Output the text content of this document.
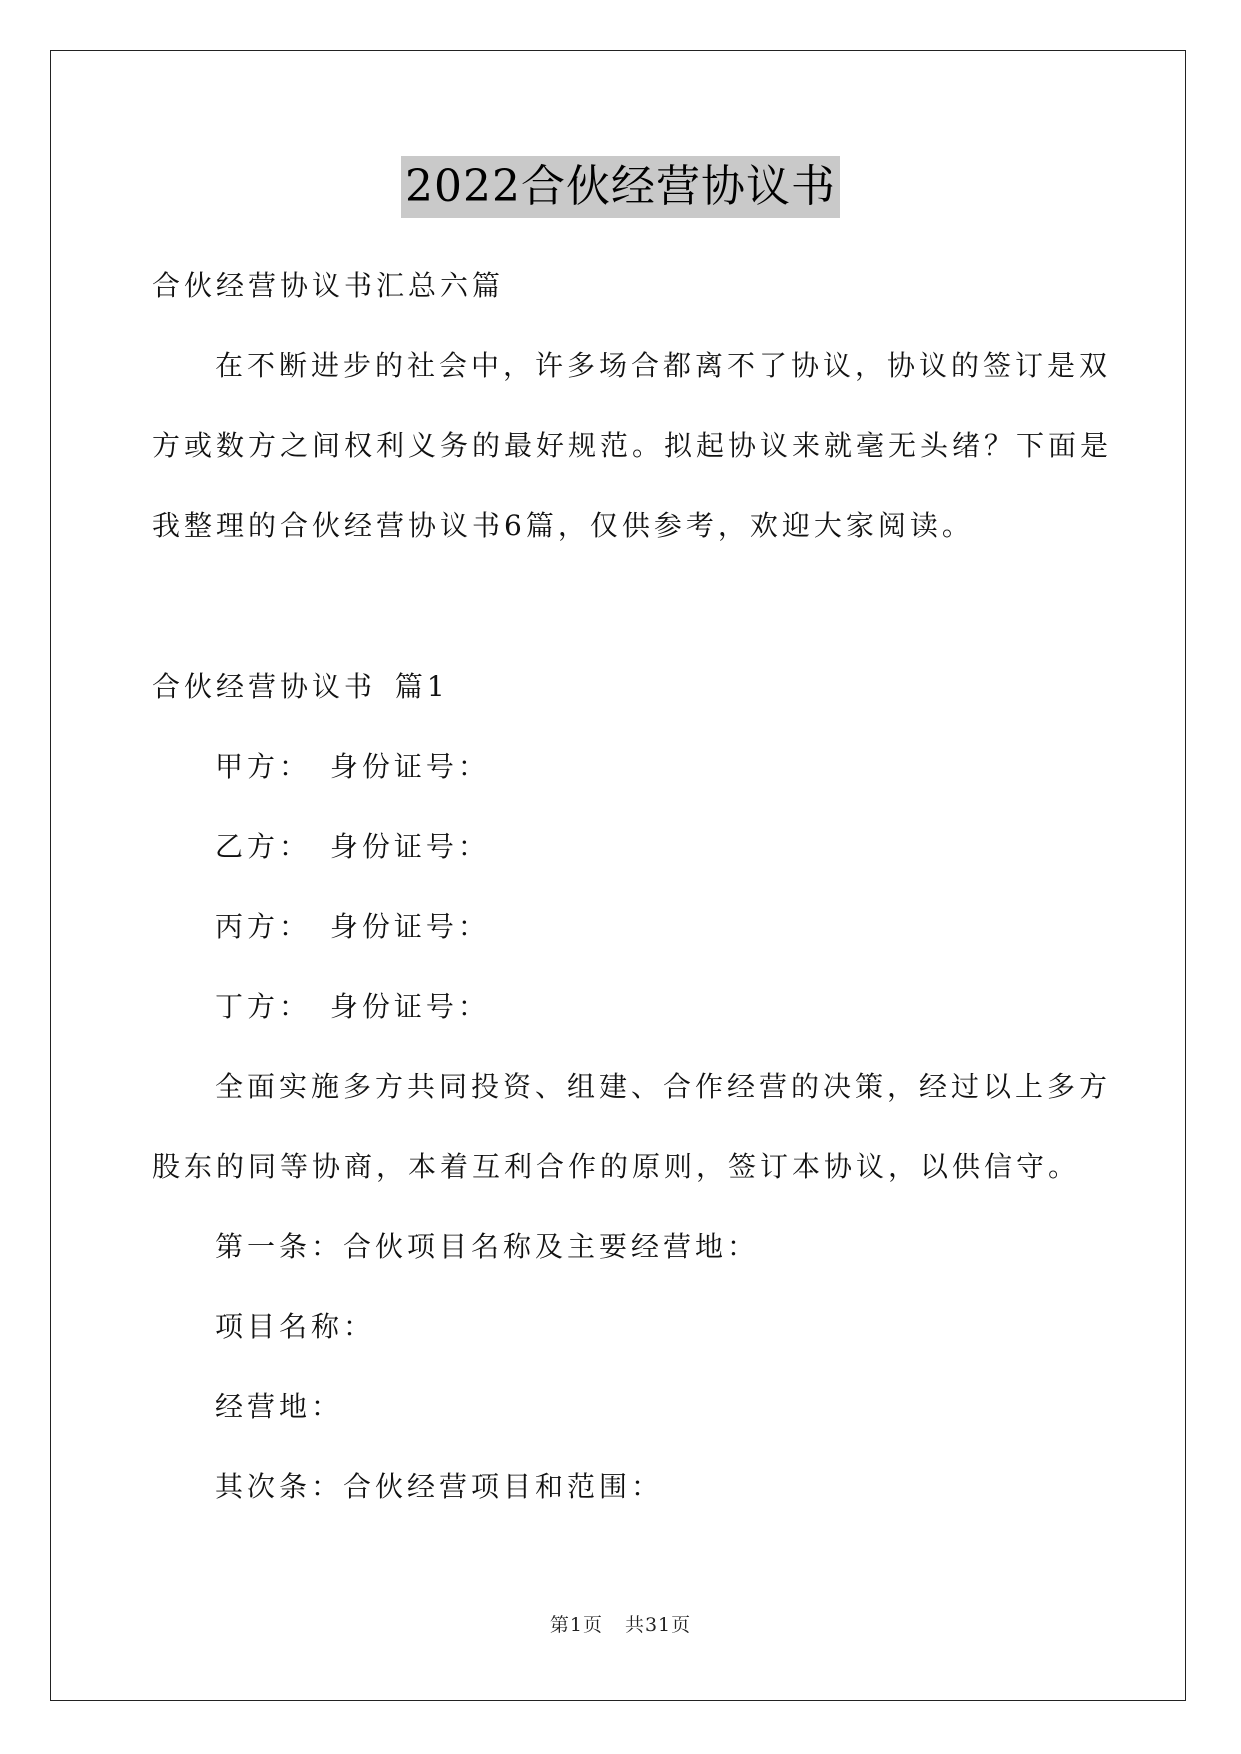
2022合伙经营协议书
合伙经营协议书汇总六篇
在不断进步的社会中，许多场合都离不了协议，协议的签订是双
方或数方之间权利义务的最好规范。拟起协议来就毫无头绪？下面是
我整理的合伙经营协议书6篇，仅供参考，欢迎大家阅读。
合伙经营协议书 篇1
甲方： 身份证号：
乙方： 身份证号：
丙方： 身份证号：
丁方： 身份证号：
全面实施多方共同投资、组建、合作经营的决策，经过以上多方
股东的同等协商，本着互利合作的原则，签订本协议，以供信守。
第一条：合伙项目名称及主要经营地：
项目名称：
经营地：
其次条：合伙经营项目和范围：
第1页 共31页
